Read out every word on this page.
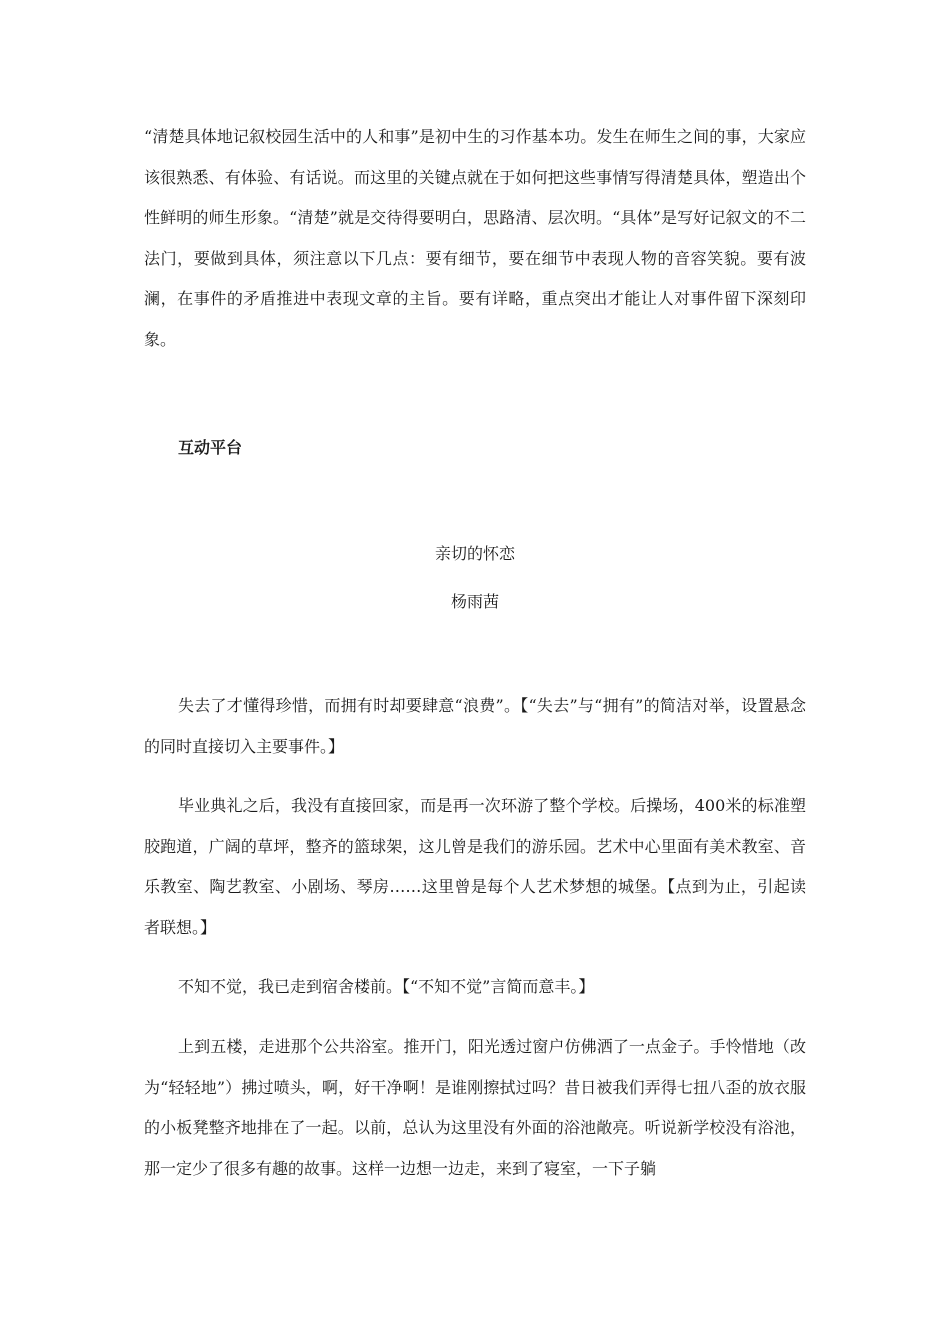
“清楚具体地记叙校园生活中的人和事”是初中生的习作基本功。发生在师生之间的事，大家应该很熟悉、有体验、有话说。而这里的关键点就在于如何把这些事情写得清楚具体，塑造出个性鲜明的师生形象。“清楚”就是交待得要明白，思路清、层次明。“具体”是写好记叙文的不二法门，要做到具体，须注意以下几点：要有细节，要在细节中表现人物的音容笑貌。要有波澜，在事件的矛盾推进中表现文章的主旨。要有详略，重点突出才能让人对事件留下深刻印象。

互动平台

亲切的怀恋

杨雨茜

失去了才懂得珍惜，而拥有时却要肆意“浪费”。【“失去”与“拥有”的简洁对举，设置悬念的同时直接切入主要事件。】

毕业典礼之后，我没有直接回家，而是再一次环游了整个学校。后操场，400米的标准塑胶跑道，广阔的草坪，整齐的篮球架，这儿曾是我们的游乐园。艺术中心里面有美术教室、音乐教室、陶艺教室、小剧场、琴房……这里曾是每个人艺术梦想的城堡。【点到为止，引起读者联想。】

不知不觉，我已走到宿舍楼前。【“不知不觉”言简而意丰。】

上到五楼，走进那个公共浴室。推开门，阳光透过窗户仿佛洒了一点金子。手怜惜地（改为“轻轻地”）拂过喷头，啊，好干净啊！是谁刚擦拭过吗？昔日被我们弄得七扭八歪的放衣服的小板凳整齐地排在了一起。以前，总认为这里没有外面的浴池敞亮。听说新学校没有浴池，那一定少了很多有趣的故事。这样一边想一边走，来到了寝室，一下子躺
